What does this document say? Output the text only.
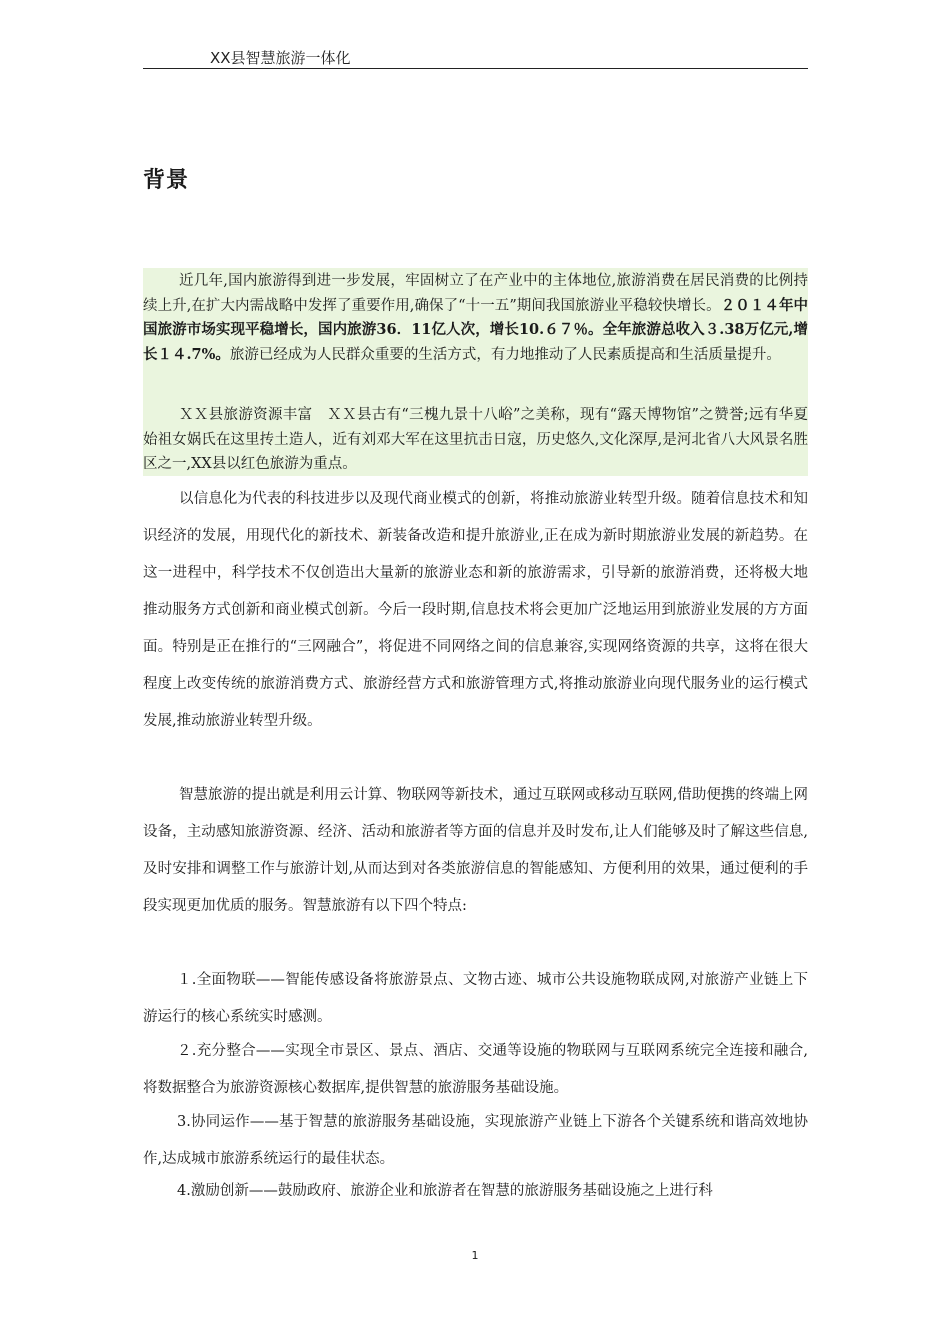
XX县智慧旅游一体化
背景

近几年,国内旅游得到进一步发展，牢固树立了在产业中的主体地位,旅游消费在居民消费的比例持续上升,在扩大内需战略中发挥了重要作用,确保了“十一五”期间我国旅游业平稳较快增长。２０１４年中国旅游市场实现平稳增长，国内旅游36．11亿人次，增长10.６７％。全年旅游总收入３.38万亿元,增长１４.7%。旅游已经成为人民群众重要的生活方式，有力地推动了人民素质提高和生活质量提升。

ＸＸ县旅游资源丰富　ＸＸ县古有“三槐九景十八峪”之美称，现有“露天博物馆”之赞誉;远有华夏始祖女娲氏在这里抟土造人，近有刘邓大军在这里抗击日寇，历史悠久,文化深厚,是河北省八大风景名胜区之一,XX县以红色旅游为重点。

以信息化为代表的科技进步以及现代商业模式的创新，将推动旅游业转型升级。随着信息技术和知识经济的发展，用现代化的新技术、新装备改造和提升旅游业,正在成为新时期旅游业发展的新趋势。在这一进程中，科学技术不仅创造出大量新的旅游业态和新的旅游需求，引导新的旅游消费，还将极大地推动服务方式创新和商业模式创新。今后一段时期,信息技术将会更加广泛地运用到旅游业发展的方方面面。特别是正在推行的“三网融合”，将促进不同网络之间的信息兼容,实现网络资源的共享，这将在很大程度上改变传统的旅游消费方式、旅游经营方式和旅游管理方式,将推动旅游业向现代服务业的运行模式发展,推动旅游业转型升级。

智慧旅游的提出就是利用云计算、物联网等新技术，通过互联网或移动互联网,借助便携的终端上网设备，主动感知旅游资源、经济、活动和旅游者等方面的信息并及时发布,让人们能够及时了解这些信息,及时安排和调整工作与旅游计划,从而达到对各类旅游信息的智能感知、方便利用的效果，通过便利的手段实现更加优质的服务。智慧旅游有以下四个特点:

１.全面物联——智能传感设备将旅游景点、文物古迹、城市公共设施物联成网,对旅游产业链上下游运行的核心系统实时感测。

２.充分整合——实现全市景区、景点、酒店、交通等设施的物联网与互联网系统完全连接和融合,将数据整合为旅游资源核心数据库,提供智慧的旅游服务基础设施。

3.协同运作——基于智慧的旅游服务基础设施，实现旅游产业链上下游各个关键系统和谐高效地协作,达成城市旅游系统运行的最佳状态。

4.激励创新——鼓励政府、旅游企业和旅游者在智慧的旅游服务基础设施之上进行科

1
